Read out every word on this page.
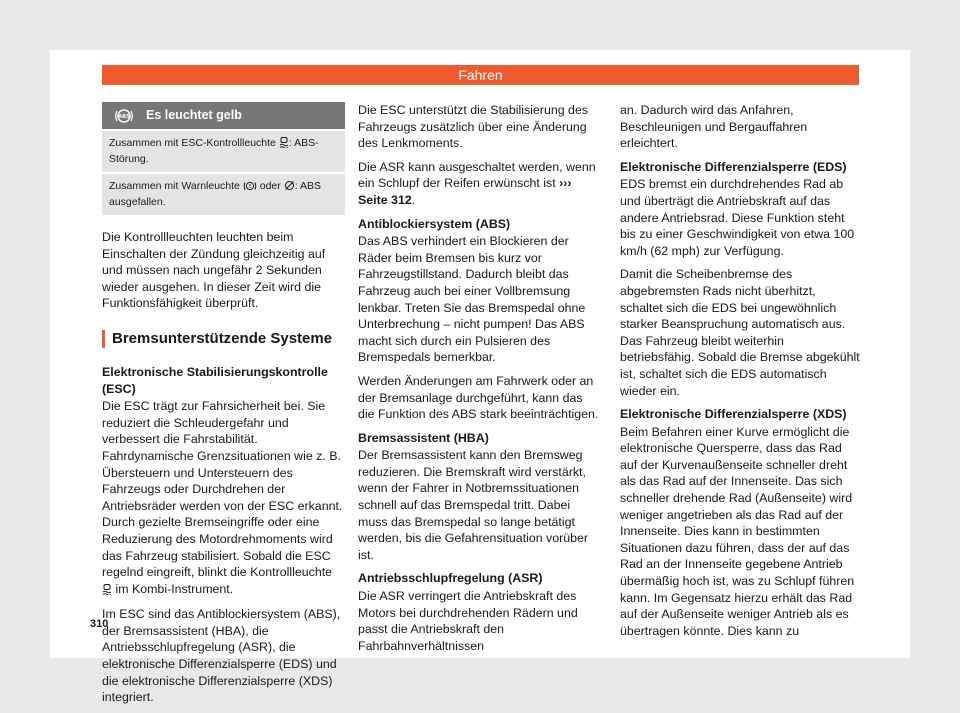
Fahren
ABS Es leuchtet gelb
Zusammen mit ESC-Kontrollleuchte : ABS-Störung.
Zusammen mit Warnleuchte ! oder : ABS ausgefallen.

Die Kontrollleuchten leuchten beim Einschalten der Zündung gleichzeitig auf und müssen nach ungefähr 2 Sekunden wieder ausgehen. In dieser Zeit wird die Funktionsfähigkeit überprüft.

Bremsunterstützende Systeme
Elektronische Stabilisierungskontrolle (ESC)

Die ESC trägt zur Fahrsicherheit bei. Sie reduziert die Schleudergefahr und verbessert die Fahrstabilität. Fahrdynamische Grenzsituationen wie z. B. Übersteuern und Untersteuern des Fahrzeugs oder Durchdrehen der Antriebsräder werden von der ESC erkannt. Durch gezielte Bremseingriffe oder eine Reduzierung des Motordrehmoments wird das Fahrzeug stabilisiert. Sobald die ESC regelnd eingreift, blinkt die Kontrollleuchte  im Kombi-Instrument.

Im ESC sind das Antiblockiersystem (ABS), der Bremsassistent (HBA), die Antriebsschlupfregelung (ASR), die elektronische Differenzialsperre (EDS) und die elektronische Differenzialsperre (XDS) integriert.

Die ESC unterstützt die Stabilisierung des Fahrzeugs zusätzlich über eine Änderung des Lenkmoments.

Die ASR kann ausgeschaltet werden, wenn ein Schlupf der Reifen erwünscht ist ››› Seite 312.

Antiblockiersystem (ABS)

Das ABS verhindert ein Blockieren der Räder beim Bremsen bis kurz vor Fahrzeugstillstand. Dadurch bleibt das Fahrzeug auch bei einer Vollbremsung lenkbar. Treten Sie das Bremspedal ohne Unterbrechung – nicht pumpen! Das ABS macht sich durch ein Pulsieren des Bremspedals bemerkbar.

Werden Änderungen am Fahrwerk oder an der Bremsanlage durchgeführt, kann das die Funktion des ABS stark beeinträchtigen.

Bremsassistent (HBA)

Der Bremsassistent kann den Bremsweg reduzieren. Die Bremskraft wird verstärkt, wenn der Fahrer in Notbremssituationen schnell auf das Bremspedal tritt. Dabei muss das Bremspedal so lange betätigt werden, bis die Gefahrensituation vorüber ist.

Antriebsschlupfregelung (ASR)

Die ASR verringert die Antriebskraft des Motors bei durchdrehenden Rädern und passt die Antriebskraft den Fahrbahnverhältnissen

an. Dadurch wird das Anfahren, Beschleunigen und Bergauffahren erleichtert.

Elektronische Differenzialsperre (EDS)

EDS bremst ein durchdrehendes Rad ab und überträgt die Antriebskraft auf das andere Antriebsrad. Diese Funktion steht bis zu einer Geschwindigkeit von etwa 100 km/h (62 mph) zur Verfügung.

Damit die Scheibenbremse des abgebremsten Rads nicht überhitzt, schaltet sich die EDS bei ungewöhnlich starker Beanspruchung automatisch aus. Das Fahrzeug bleibt weiterhin betriebsfähig. Sobald die Bremse abgekühlt ist, schaltet sich die EDS automatisch wieder ein.

Elektronische Differenzialsperre (XDS)

Beim Befahren einer Kurve ermöglicht die elektronische Quersperre, dass das Rad auf der Kurvenaußenseite schneller dreht als das Rad auf der Innenseite. Das sich schneller drehende Rad (Außenseite) wird weniger angetrieben als das Rad auf der Innenseite. Dies kann in bestimmten Situationen dazu führen, dass der auf das Rad an der Innenseite gegebene Antrieb übermäßig hoch ist, was zu Schlupf führen kann. Im Gegensatz hierzu erhält das Rad auf der Außenseite weniger Antrieb als es übertragen könnte. Dies kann zu

310
